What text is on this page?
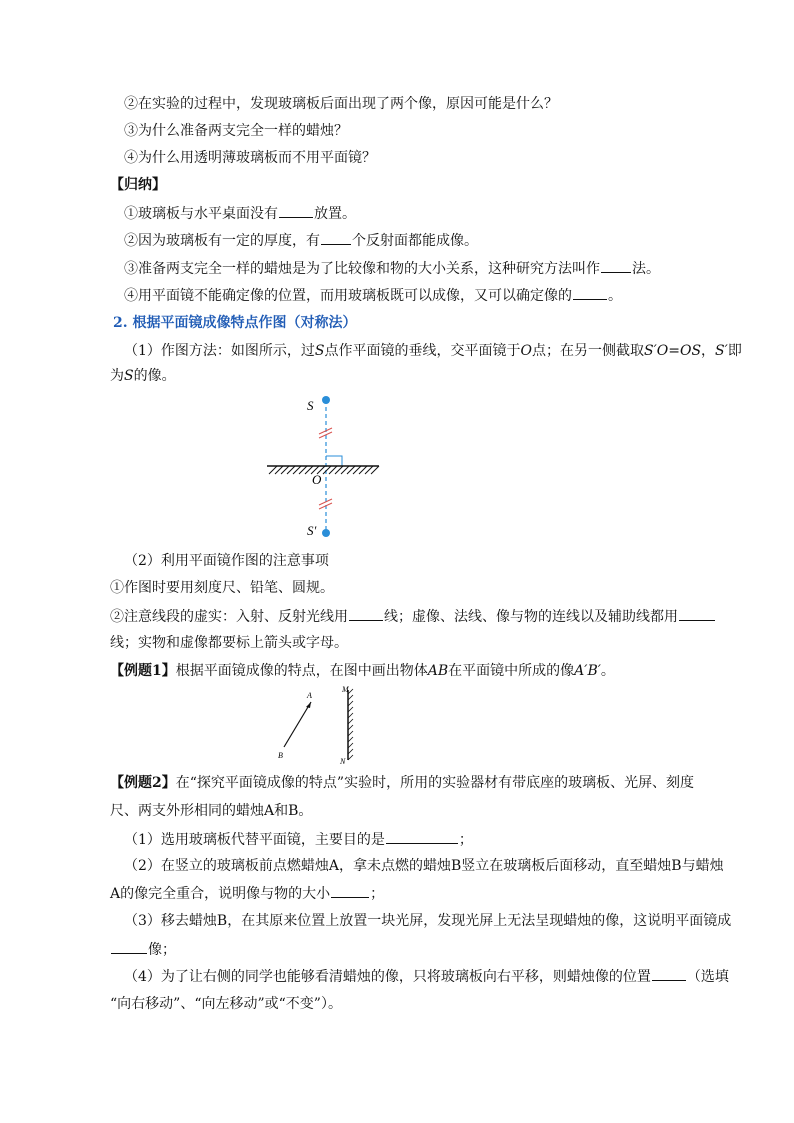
②在实验的过程中，发现玻璃板后面出现了两个像，原因可能是什么？
③为什么准备两支完全一样的蜡烛？
④为什么用透明薄玻璃板而不用平面镜？
【归纳】
①玻璃板与水平桌面没有	放置。
②因为玻璃板有一定的厚度，有 个反射面都能成像。
③准备两支完全一样的蜡烛是为了比较像和物的大小关系，这种研究方法叫作 法。
④用平面镜不能确定像的位置，而用玻璃板既可以成像，又可以确定像的	。
2. 根据平面镜成像特点作图（对称法）
（1）作图方法：如图所示，过S点作平面镜的垂线，交平面镜于O点；在另一侧截取S′O=OS，S′即
为S的像。
S
O
S′
（2）利用平面镜作图的注意事项
①作图时要用刻度尺、铅笔、圆规。
②注意线段的虚实：入射、反射光线用	线；虚像、法线、像与物的连线以及辅助线都用
线；实物和虚像都要标上箭头或字母。
【例题1】根据平面镜成像的特点，在图中画出物体AB在平面镜中所成的像A′B′。
A
B
M
N
【例题2】在“探究平面镜成像的特点”实验时，所用的实验器材有带底座的玻璃板、光屏、刻度
尺、两支外形相同的蜡烛A和B。
（1）选用玻璃板代替平面镜，主要目的是	；
（2）在竖立的玻璃板前点燃蜡烛A，拿未点燃的蜡烛B竖立在玻璃板后面移动，直至蜡烛B与蜡烛
A的像完全重合，说明像与物的大小	；
（3）移去蜡烛B，在其原来位置上放置一块光屏，发现光屏上无法呈现蜡烛的像，这说明平面镜成
像；
（4）为了让右侧的同学也能够看清蜡烛的像，只将玻璃板向右平移，则蜡烛像的位置	（选填
“向右移动”、“向左移动”或“不变”）。
